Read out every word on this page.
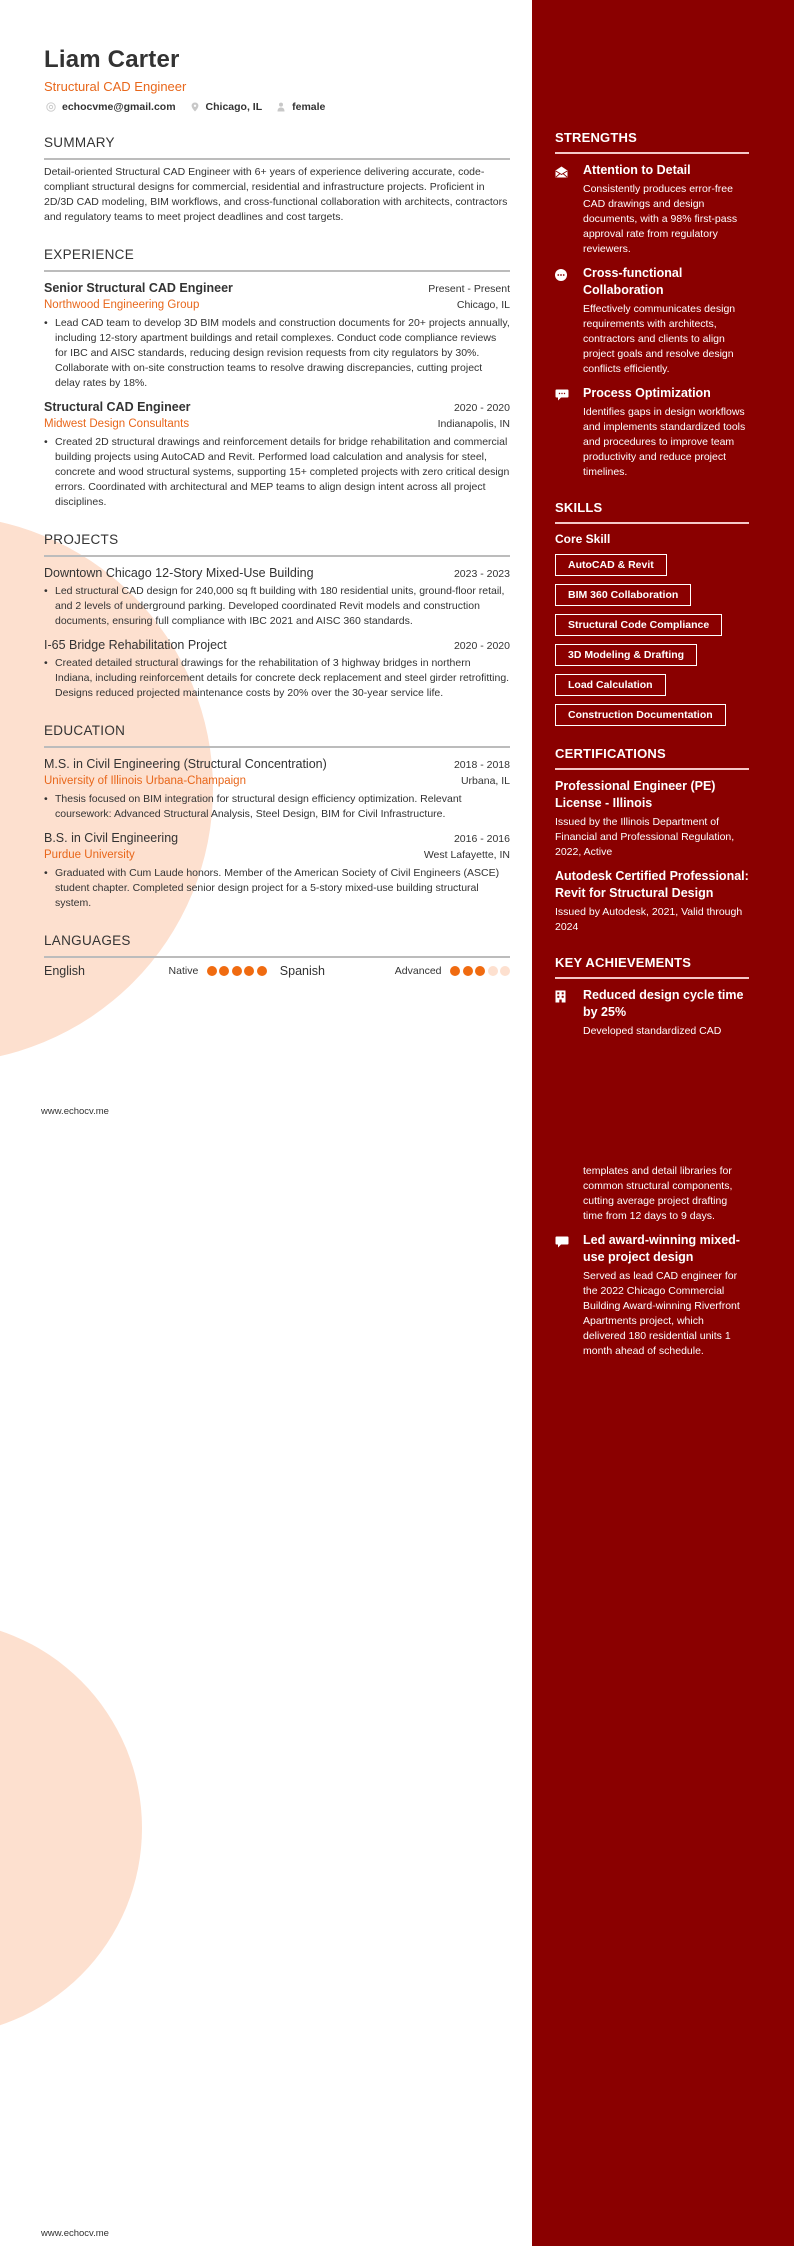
Liam Carter
Structural CAD Engineer
echocvme@gmail.com	Chicago, IL	female
SUMMARY
Detail-oriented Structural CAD Engineer with 6+ years of experience delivering accurate, code-compliant structural designs for commercial, residential and infrastructure projects. Proficient in 2D/3D CAD modeling, BIM workflows, and cross-functional collaboration with architects, contractors and regulatory teams to meet project deadlines and cost targets.
EXPERIENCE
Senior Structural CAD Engineer	Present - Present
Northwood Engineering Group	Chicago, IL
• Lead CAD team to develop 3D BIM models and construction documents for 20+ projects annually, including 12-story apartment buildings and retail complexes. Conduct code compliance reviews for IBC and AISC standards, reducing design revision requests from city regulators by 30%. Collaborate with on-site construction teams to resolve drawing discrepancies, cutting project delay rates by 18%.
Structural CAD Engineer	2020 - 2020
Midwest Design Consultants	Indianapolis, IN
• Created 2D structural drawings and reinforcement details for bridge rehabilitation and commercial building projects using AutoCAD and Revit. Performed load calculation and analysis for steel, concrete and wood structural systems, supporting 15+ completed projects with zero critical design errors. Coordinated with architectural and MEP teams to align design intent across all project disciplines.
PROJECTS
Downtown Chicago 12-Story Mixed-Use Building	2023 - 2023
• Led structural CAD design for 240,000 sq ft building with 180 residential units, ground-floor retail, and 2 levels of underground parking. Developed coordinated Revit models and construction documents, ensuring full compliance with IBC 2021 and AISC 360 standards.
I-65 Bridge Rehabilitation Project	2020 - 2020
• Created detailed structural drawings for the rehabilitation of 3 highway bridges in northern Indiana, including reinforcement details for concrete deck replacement and steel girder retrofitting. Designs reduced projected maintenance costs by 20% over the 30-year service life.
EDUCATION
M.S. in Civil Engineering (Structural Concentration)	2018 - 2018
University of Illinois Urbana-Champaign	Urbana, IL
• Thesis focused on BIM integration for structural design efficiency optimization. Relevant coursework: Advanced Structural Analysis, Steel Design, BIM for Civil Infrastructure.
B.S. in Civil Engineering	2016 - 2016
Purdue University	West Lafayette, IN
• Graduated with Cum Laude honors. Member of the American Society of Civil Engineers (ASCE) student chapter. Completed senior design project for a 5-story mixed-use building structural system.
LANGUAGES
English	Native	Spanish	Advanced
www.echocv.me
www.echocv.me
STRENGTHS
Attention to Detail
Consistently produces error-free CAD drawings and design documents, with a 98% first-pass approval rate from regulatory reviewers.
Cross-functional Collaboration
Effectively communicates design requirements with architects, contractors and clients to align project goals and resolve design conflicts efficiently.
Process Optimization
Identifies gaps in design workflows and implements standardized tools and procedures to improve team productivity and reduce project timelines.
SKILLS
Core Skill
AutoCAD & Revit
BIM 360 Collaboration
Structural Code Compliance
3D Modeling & Drafting
Load Calculation
Construction Documentation
CERTIFICATIONS
Professional Engineer (PE) License - Illinois
Issued by the Illinois Department of Financial and Professional Regulation, 2022, Active
Autodesk Certified Professional: Revit for Structural Design
Issued by Autodesk, 2021, Valid through 2024
KEY ACHIEVEMENTS
Reduced design cycle time by 25%
Developed standardized CAD
templates and detail libraries for common structural components, cutting average project drafting time from 12 days to 9 days.
Led award-winning mixed-use project design
Served as lead CAD engineer for the 2022 Chicago Commercial Building Award-winning Riverfront Apartments project, which delivered 180 residential units 1 month ahead of schedule.
